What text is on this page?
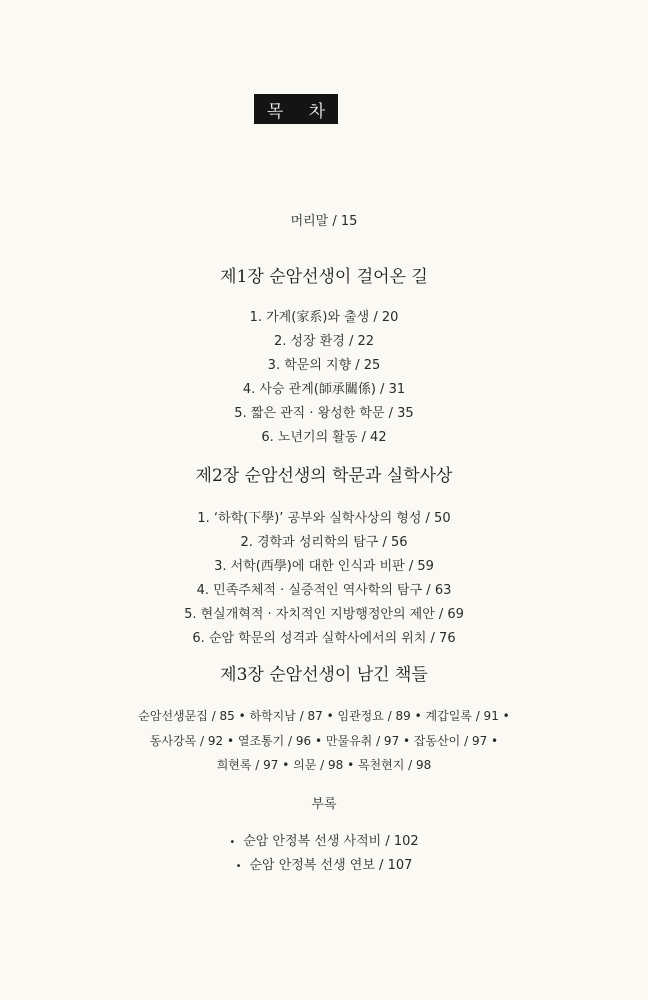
목 차
머리말 / 15
제1장 순암선생이 걸어온 길
1. 가계(家系)와 출생 / 20
2. 성장 환경 / 22
3. 학문의 지향 / 25
4. 사승 관계(師承關係) / 31
5. 짧은 관직 · 왕성한 학문 / 35
6. 노년기의 활동 / 42
제2장 순암선생의 학문과 실학사상
1. ‘하학(下學)’ 공부와 실학사상의 형성 / 50
2. 경학과 성리학의 탐구 / 56
3. 서학(西學)에 대한 인식과 비판 / 59
4. 민족주체적 · 실증적인 역사학의 탐구 / 63
5. 현실개혁적 · 자치적인 지방행정안의 제안 / 69
6. 순암 학문의 성격과 실학사에서의 위치 / 76
제3장 순암선생이 남긴 책들
순암선생문집 / 85 • 하학지남 / 87 • 임관정요 / 89 • 계갑일록 / 91 •
동사강목 / 92 • 열조통기 / 96 • 만물유취 / 97 • 잡동산이 / 97 •
희현록 / 97 • 의문 / 98 • 목천현지 / 98
부록
• 순암 안정복 선생 사적비 / 102
• 순암 안정복 선생 연보 / 107
